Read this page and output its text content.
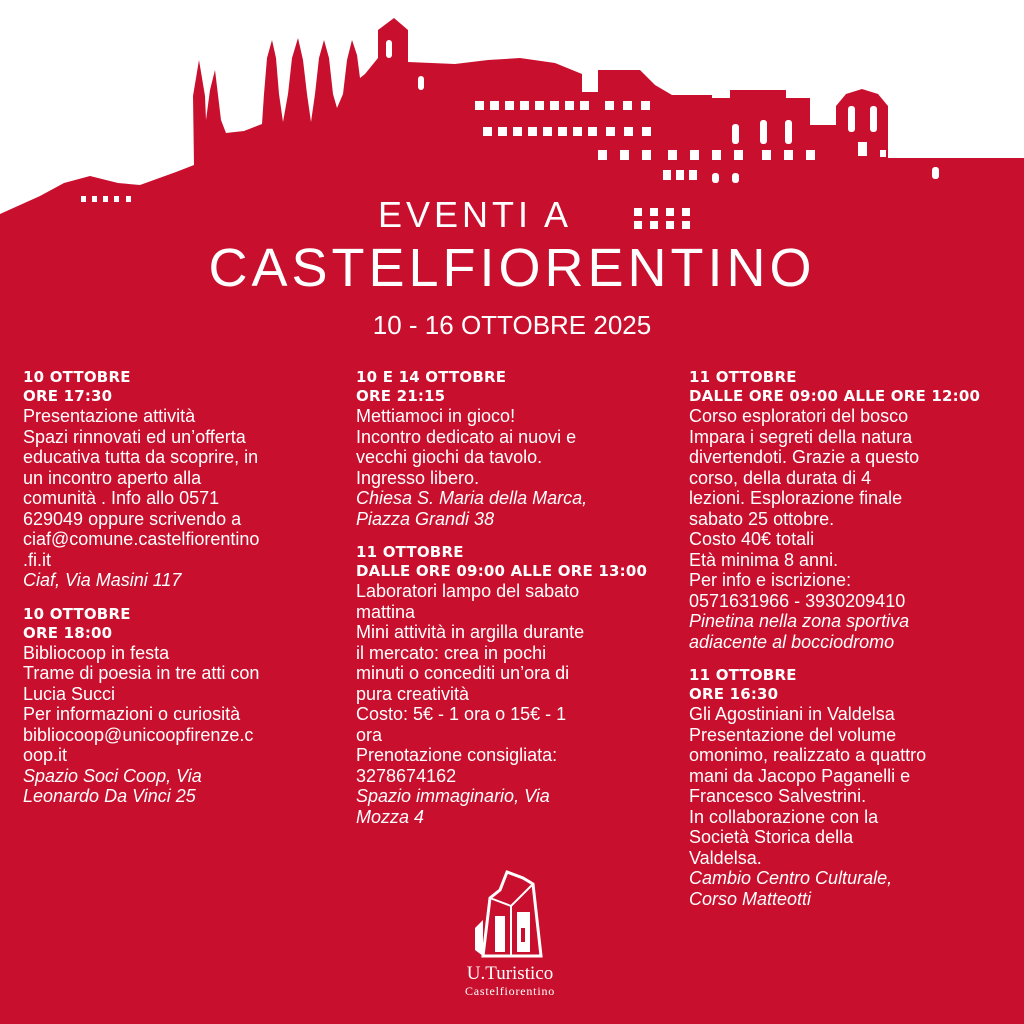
EVENTI A
CASTELFIORENTINO
10 - 16 OTTOBRE 2025
10 OTTOBRE
ORE 17:30
Presentazione attività
Spazi rinnovati ed un’offerta
educativa tutta da scoprire, in
un incontro aperto alla
comunità . Info allo 0571
629049 oppure scrivendo a
ciaf@comune.castelfiorentino
.fi.it
Ciaf, Via Masini 117
10 OTTOBRE
ORE 18:00
Bibliocoop in festa
Trame di poesia in tre atti con
Lucia Succi
Per informazioni o curiosità
bibliocoop@unicoopfirenze.c
oop.it
Spazio Soci Coop, Via
Leonardo Da Vinci 25
10 E 14 OTTOBRE
ORE 21:15
Mettiamoci in gioco!
Incontro dedicato ai nuovi e
vecchi giochi da tavolo.
Ingresso libero.
Chiesa S. Maria della Marca,
Piazza Grandi 38
11 OTTOBRE
DALLE ORE 09:00 ALLE ORE 13:00
Laboratori lampo del sabato
mattina
Mini attività in argilla durante
il mercato: crea in pochi
minuti o concediti un’ora di
pura creatività
Costo: 5€ - 1 ora o 15€ - 1
ora
Prenotazione consigliata:
3278674162
Spazio immaginario, Via
Mozza 4
11 OTTOBRE
DALLE ORE 09:00 ALLE ORE 12:00
Corso esploratori del bosco
Impara i segreti della natura
divertendoti. Grazie a questo
corso, della durata di 4
lezioni. Esplorazione finale
sabato 25 ottobre.
Costo 40€ totali
Età minima 8 anni.
Per info e iscrizione:
0571631966 - 3930209410
Pinetina nella zona sportiva
adiacente al bocciodromo
11 OTTOBRE
ORE 16:30
Gli Agostiniani in Valdelsa
Presentazione del volume
omonimo, realizzato a quattro
mani da Jacopo Paganelli e
Francesco Salvestrini.
In collaborazione con la
Società Storica della
Valdelsa.
Cambio Centro Culturale,
Corso Matteotti
U.Turistico
Castelfiorentino
